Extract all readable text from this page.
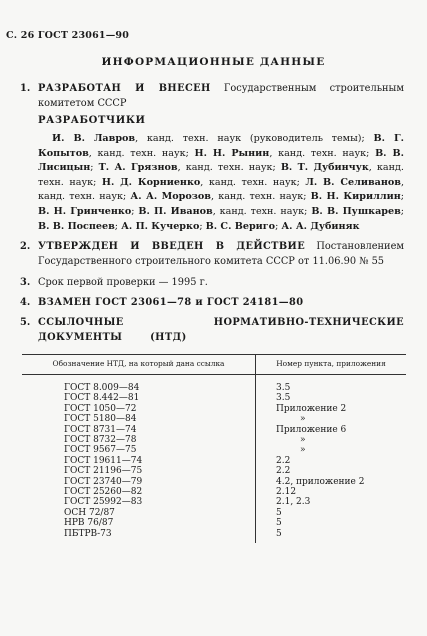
С. 26 ГОСТ 23061—90
ИНФОРМАЦИОННЫЕ ДАННЫЕ
1. РАЗРАБОТАН И ВНЕСЕН Государственным строительным комитетом СССР
РАЗРАБОТЧИКИ
И. В. Лавров, канд. техн. наук (руководитель темы); В. Г. Копытов, канд. техн. наук; Н. Н. Рынин, канд. техн. наук; В. В. Лисицын; Т. А. Грязнов, канд. техн. наук; В. Т. Дубинчук, канд. техн. наук; Н. Д. Корниенко, канд. техн. наук; Л. В. Селиванов, канд. техн. наук; А. А. Морозов, канд. техн. наук; В. Н. Кириллин; В. Н. Гринченко; В. П. Иванов, канд. техн. наук; В. В. Пушкарев; В. В. Поспеев; А. П. Кучерко; В. С. Вериго; А. А. Дубиняк
2. УТВЕРЖДЕН И ВВЕДЕН В ДЕЙСТВИЕ Постановлением Государственного строительного комитета СССР от 11.06.90 № 55
3. Срок первой проверки — 1995 г.
4. ВЗАМЕН ГОСТ 23061—78 и ГОСТ 24181—80
5. ССЫЛОЧНЫЕ НОРМАТИВНО-ТЕХНИЧЕСКИЕ ДОКУМЕНТЫ (НТД)
Обозначение НТД, на который дана ссылка	Номер пункта, приложения
ГОСТ 8.009—84	3.5
ГОСТ 8.442—81	3.5
ГОСТ 1050—72	Приложение 2
ГОСТ 5180—84	»
ГОСТ 8731—74	Приложение 6
ГОСТ 8732—78	»
ГОСТ 9567—75	»
ГОСТ 19611—74	2.2
ГОСТ 21196—75	2.2
ГОСТ 23740—79	4.2, приложение 2
ГОСТ 25260—82	2.12
ГОСТ 25992—83	2.1, 2.3
ОСН 72/87	5
НРВ 76/87	5
ПБТРВ-73	5
